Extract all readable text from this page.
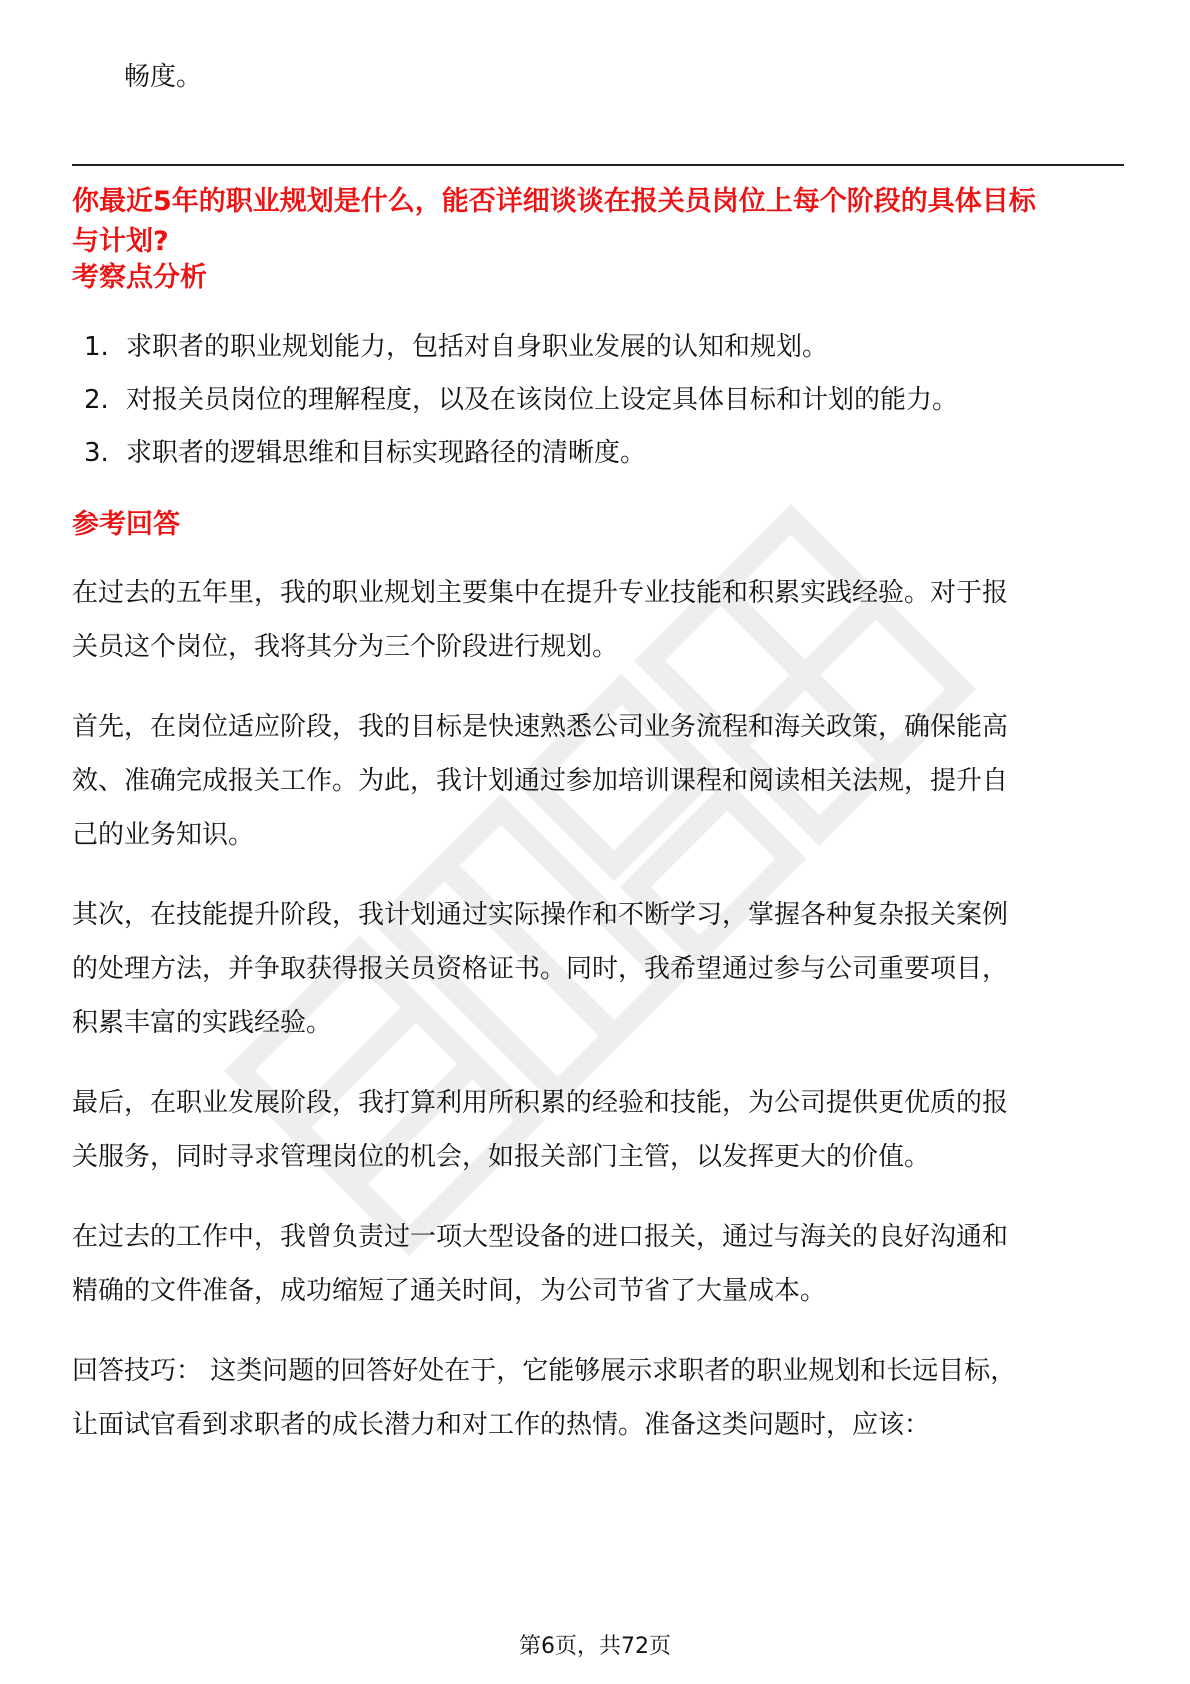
畅度。
你最近5年的职业规划是什么，能否详细谈谈在报关员岗位上每个阶段的具体目标
与计划?
考察点分析
1. 求职者的职业规划能力，包括对自身职业发展的认知和规划。
2. 对报关员岗位的理解程度，以及在该岗位上设定具体目标和计划的能力。
3. 求职者的逻辑思维和目标实现路径的清晰度。
参考回答
在过去的五年里，我的职业规划主要集中在提升专业技能和积累实践经验。对于报
关员这个岗位，我将其分为三个阶段进行规划。
首先，在岗位适应阶段，我的目标是快速熟悉公司业务流程和海关政策，确保能高
效、准确完成报关工作。为此，我计划通过参加培训课程和阅读相关法规，提升自
己的业务知识。
其次，在技能提升阶段，我计划通过实际操作和不断学习，掌握各种复杂报关案例
的处理方法，并争取获得报关员资格证书。同时，我希望通过参与公司重要项目，
积累丰富的实践经验。
最后，在职业发展阶段，我打算利用所积累的经验和技能，为公司提供更优质的报
关服务，同时寻求管理岗位的机会，如报关部门主管，以发挥更大的价值。
在过去的工作中，我曾负责过一项大型设备的进口报关，通过与海关的良好沟通和
精确的文件准备，成功缩短了通关时间，为公司节省了大量成本。
回答技巧： 这类问题的回答好处在于，它能够展示求职者的职业规划和长远目标，
让面试官看到求职者的成长潜力和对工作的热情。准备这类问题时，应该：
第6页，共72页
